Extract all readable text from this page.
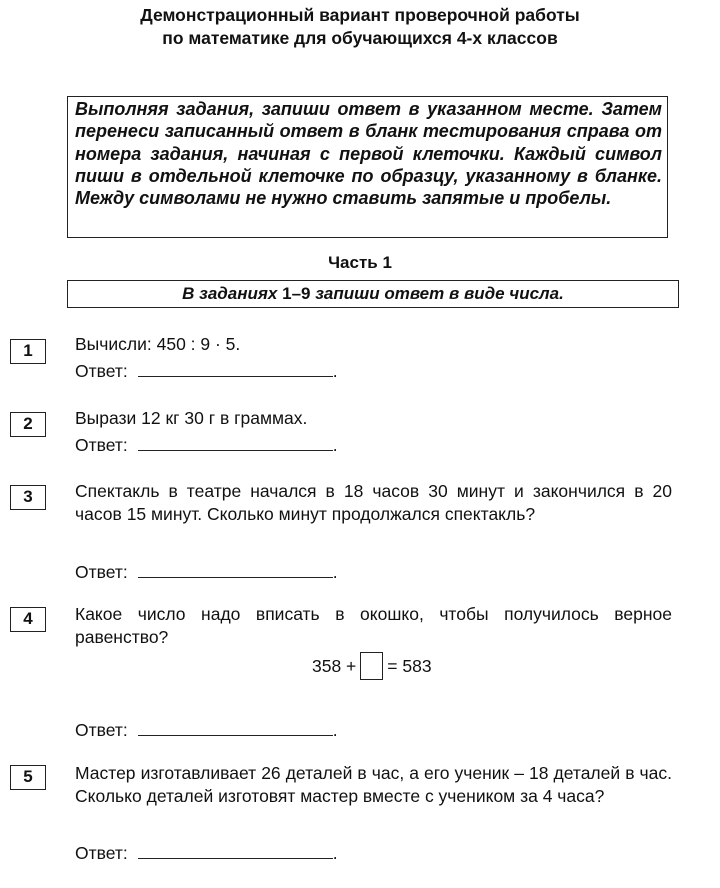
Демонстрационный вариант проверочной работы
по математике для обучающихся 4-х классов
Выполняя задания, запиши ответ в указанном месте. Затем перенеси записанный ответ в бланк тестирования справа от номера задания, начиная с первой клеточки. Каждый символ пиши в отдельной клеточке по образцу, указанному в бланке. Между символами не нужно ставить запятые и пробелы.
Часть 1
В заданиях 1–9 запиши ответ в виде числа.
1	Вычисли: 450 : 9 · 5.
Ответ:	.
2	Вырази 12 кг 30 г в граммах.
Ответ:	.
3	Спектакль в театре начался в 18 часов 30 минут и закончился в 20 часов 15 минут. Сколько минут продолжался спектакль?
Ответ:	.
4	Какое число надо вписать в окошко, чтобы получилось верное равенство?
358 + = 583
Ответ:	.
5	Мастер изготавливает 26 деталей в час, а его ученик – 18 деталей в час. Сколько деталей изготовят мастер вместе с учеником за 4 часа?
Ответ:	.
